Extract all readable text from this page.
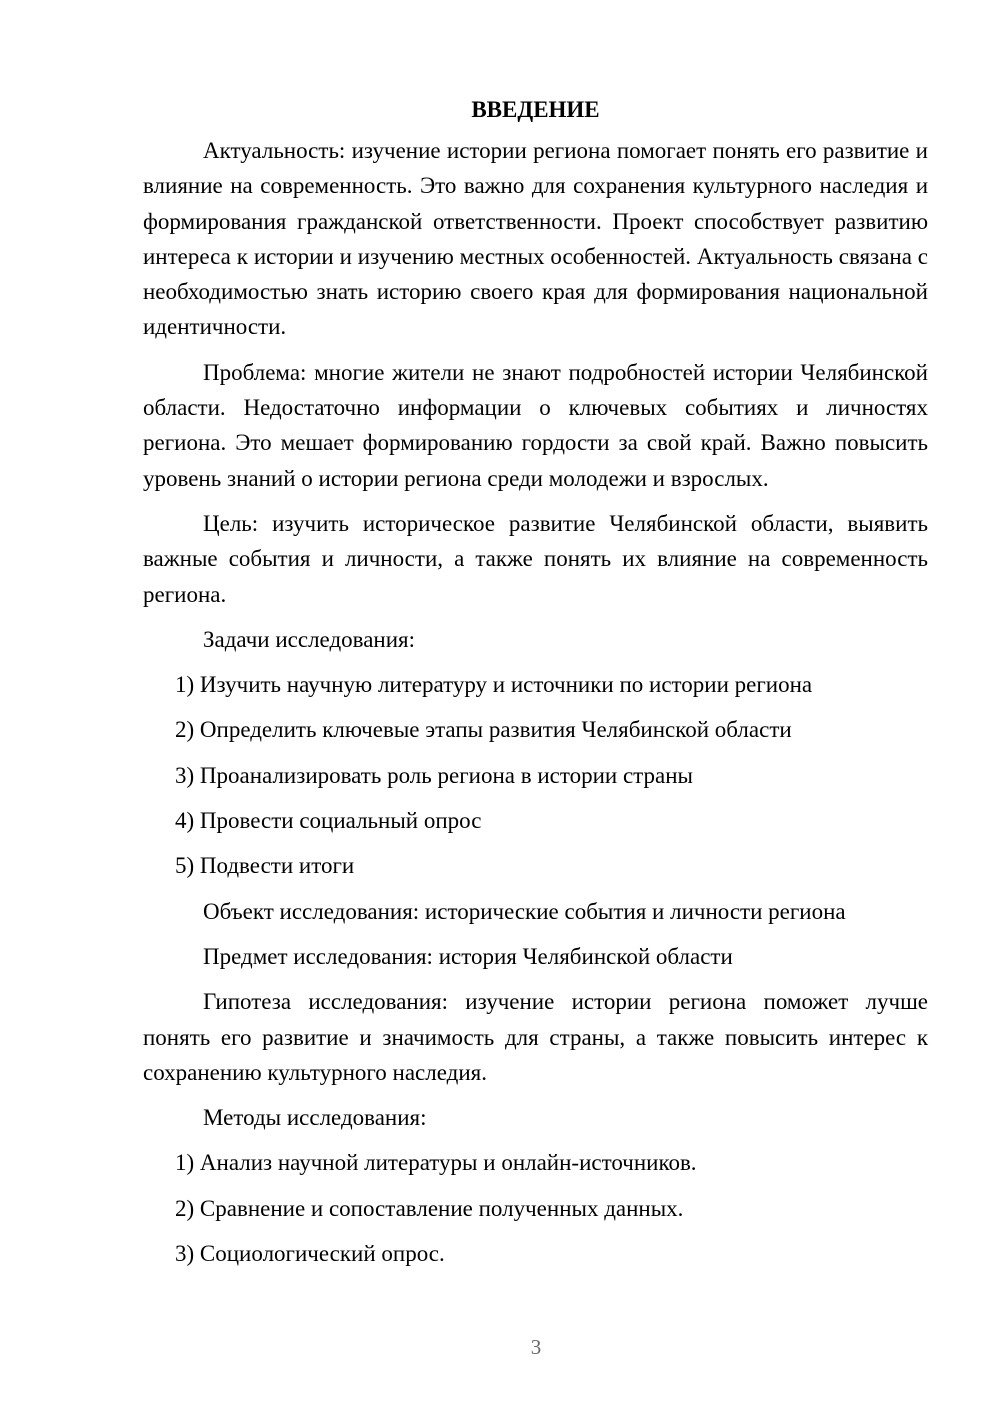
ВВЕДЕНИЕ

Актуальность: изучение истории региона помогает понять его развитие и влияние на современность. Это важно для сохранения культурного наследия и формирования гражданской ответственности. Проект способствует развитию интереса к истории и изучению местных особенностей. Актуальность связана с необходимостью знать историю своего края для формирования национальной идентичности.

Проблема: многие жители не знают подробностей истории Челябинской области. Недостаточно информации о ключевых событиях и личностях региона. Это мешает формированию гордости за свой край. Важно повысить уровень знаний о истории региона среди молодежи и взрослых.

Цель: изучить историческое развитие Челябинской области, выявить важные события и личности, а также понять их влияние на современность региона.

Задачи исследования:

1) Изучить научную литературу и источники по истории региона
2) Определить ключевые этапы развития Челябинской области
3) Проанализировать роль региона в истории страны
4) Провести социальный опрос
5) Подвести итоги

Объект исследования: исторические события и личности региона

Предмет исследования: история Челябинской области

Гипотеза исследования: изучение истории региона поможет лучше понять его развитие и значимость для страны, а также повысить интерес к сохранению культурного наследия.

Методы исследования:

1) Анализ научной литературы и онлайн-источников.
2) Сравнение и сопоставление полученных данных.
3) Социологический опрос.
3
